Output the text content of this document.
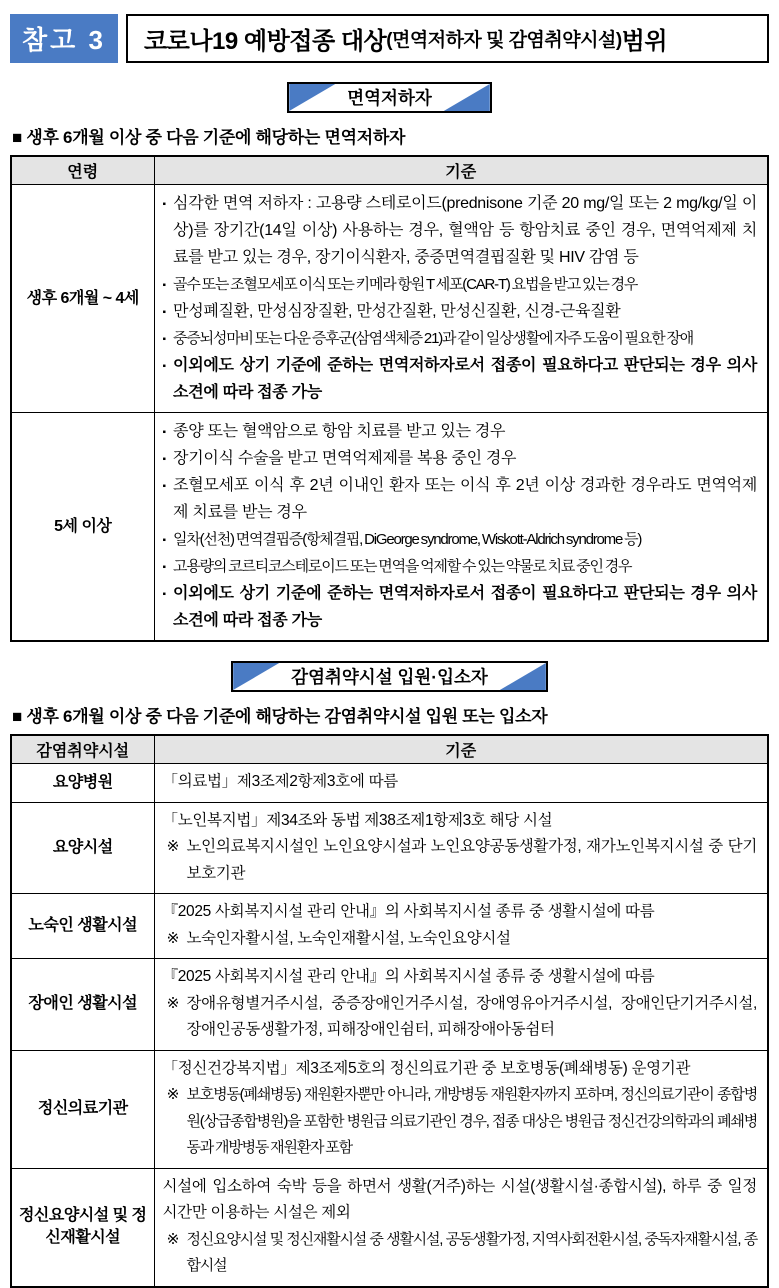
참고 3	코로나19 예방접종 대상 (면역저하자 및 감염취약시설) 범위
면역저하자
■ 생후 6개월 이상 중 다음 기준에 해당하는 면역저하자
연령	기준
생후 6개월 ~ 4세	
▪ 심각한 면역 저하자 : 고용량 스테로이드(prednisone 기준 20 mg/일 또는 2 mg/kg/일 이상)를 장기간(14일 이상) 사용하는 경우, 혈액암 등 항암치료 중인 경우, 면역억제제 치료를 받고 있는 경우, 장기이식환자, 중증면역결핍질환 및 HIV 감염 등
▪ 골수 또는 조혈모세포 이식 또는 키메라 항원 T 세포(CAR-T) 요법을 받고 있는 경우
▪ 만성폐질환, 만성심장질환, 만성간질환, 만성신질환, 신경-근육질환
▪ 중증뇌성마비 또는 다운 증후군(삼염색체증 21)과 같이 일상생활에 자주 도움이 필요한 장애
▪ 이외에도 상기 기준에 준하는 면역저하자로서 접종이 필요하다고 판단되는 경우 의사 소견에 따라 접종 가능

5세 이상	
▪ 종양 또는 혈액암으로 항암 치료를 받고 있는 경우
▪ 장기이식 수술을 받고 면역억제제를 복용 중인 경우
▪ 조혈모세포 이식 후 2년 이내인 환자 또는 이식 후 2년 이상 경과한 경우라도 면역억제제 치료를 받는 경우
▪ 일차(선천) 면역결핍증(항체결핍, DiGeorge syndrome, Wiskott-Aldrich syndrome 등)
▪ 고용량의 코르티코스테로이드 또는 면역을 억제할 수 있는 약물로 치료 중인 경우
▪ 이외에도 상기 기준에 준하는 면역저하자로서 접종이 필요하다고 판단되는 경우 의사 소견에 따라 접종 가능
감염취약시설 입원·입소자
■ 생후 6개월 이상 중 다음 기준에 해당하는 감염취약시설 입원 또는 입소자
감염취약시설	기준
요양병원	「의료법」제3조제2항제3호에 따름

요양시설	「노인복지법」제34조와 동법 제38조제1항제3호 해당 시설
※ 노인의료복지시설인 노인요양시설과 노인요양공동생활가정, 재가노인복지시설 중 단기보호기관

노숙인 생활시설	『2025 사회복지시설 관리 안내』의 사회복지시설 종류 중 생활시설에 따름
※ 노숙인자활시설, 노숙인재활시설, 노숙인요양시설

장애인 생활시설	『2025 사회복지시설 관리 안내』의 사회복지시설 종류 중 생활시설에 따름
※ 장애유형별거주시설, 중증장애인거주시설, 장애영유아거주시설, 장애인단기거주시설, 장애인공동생활가정, 피해장애인쉼터, 피해장애아동쉼터

정신의료기관	「정신건강복지법」제3조제5호의 정신의료기관 중 보호병동(폐쇄병동) 운영기관
※ 보호병동(폐쇄병동) 재원환자뿐만 아니라, 개방병동 재원환자까지 포하며, 정신의료기관이 종합병원(상급종합병원)을 포함한 병원급 의료기관인 경우, 접종 대상은 병원급 정신건강의학과의 폐쇄병동과 개방병동 재원환자 포함

정신요양시설 및 정신재활시설	시설에 입소하여 숙박 등을 하면서 생활(거주)하는 시설(생활시설·종합시설), 하루 중 일정 시간만 이용하는 시설은 제외
※ 정신요양시설 및 정신재활시설 중 생활시설, 공동생활가정, 지역사회전환시설, 중독자재활시설, 종합시설
